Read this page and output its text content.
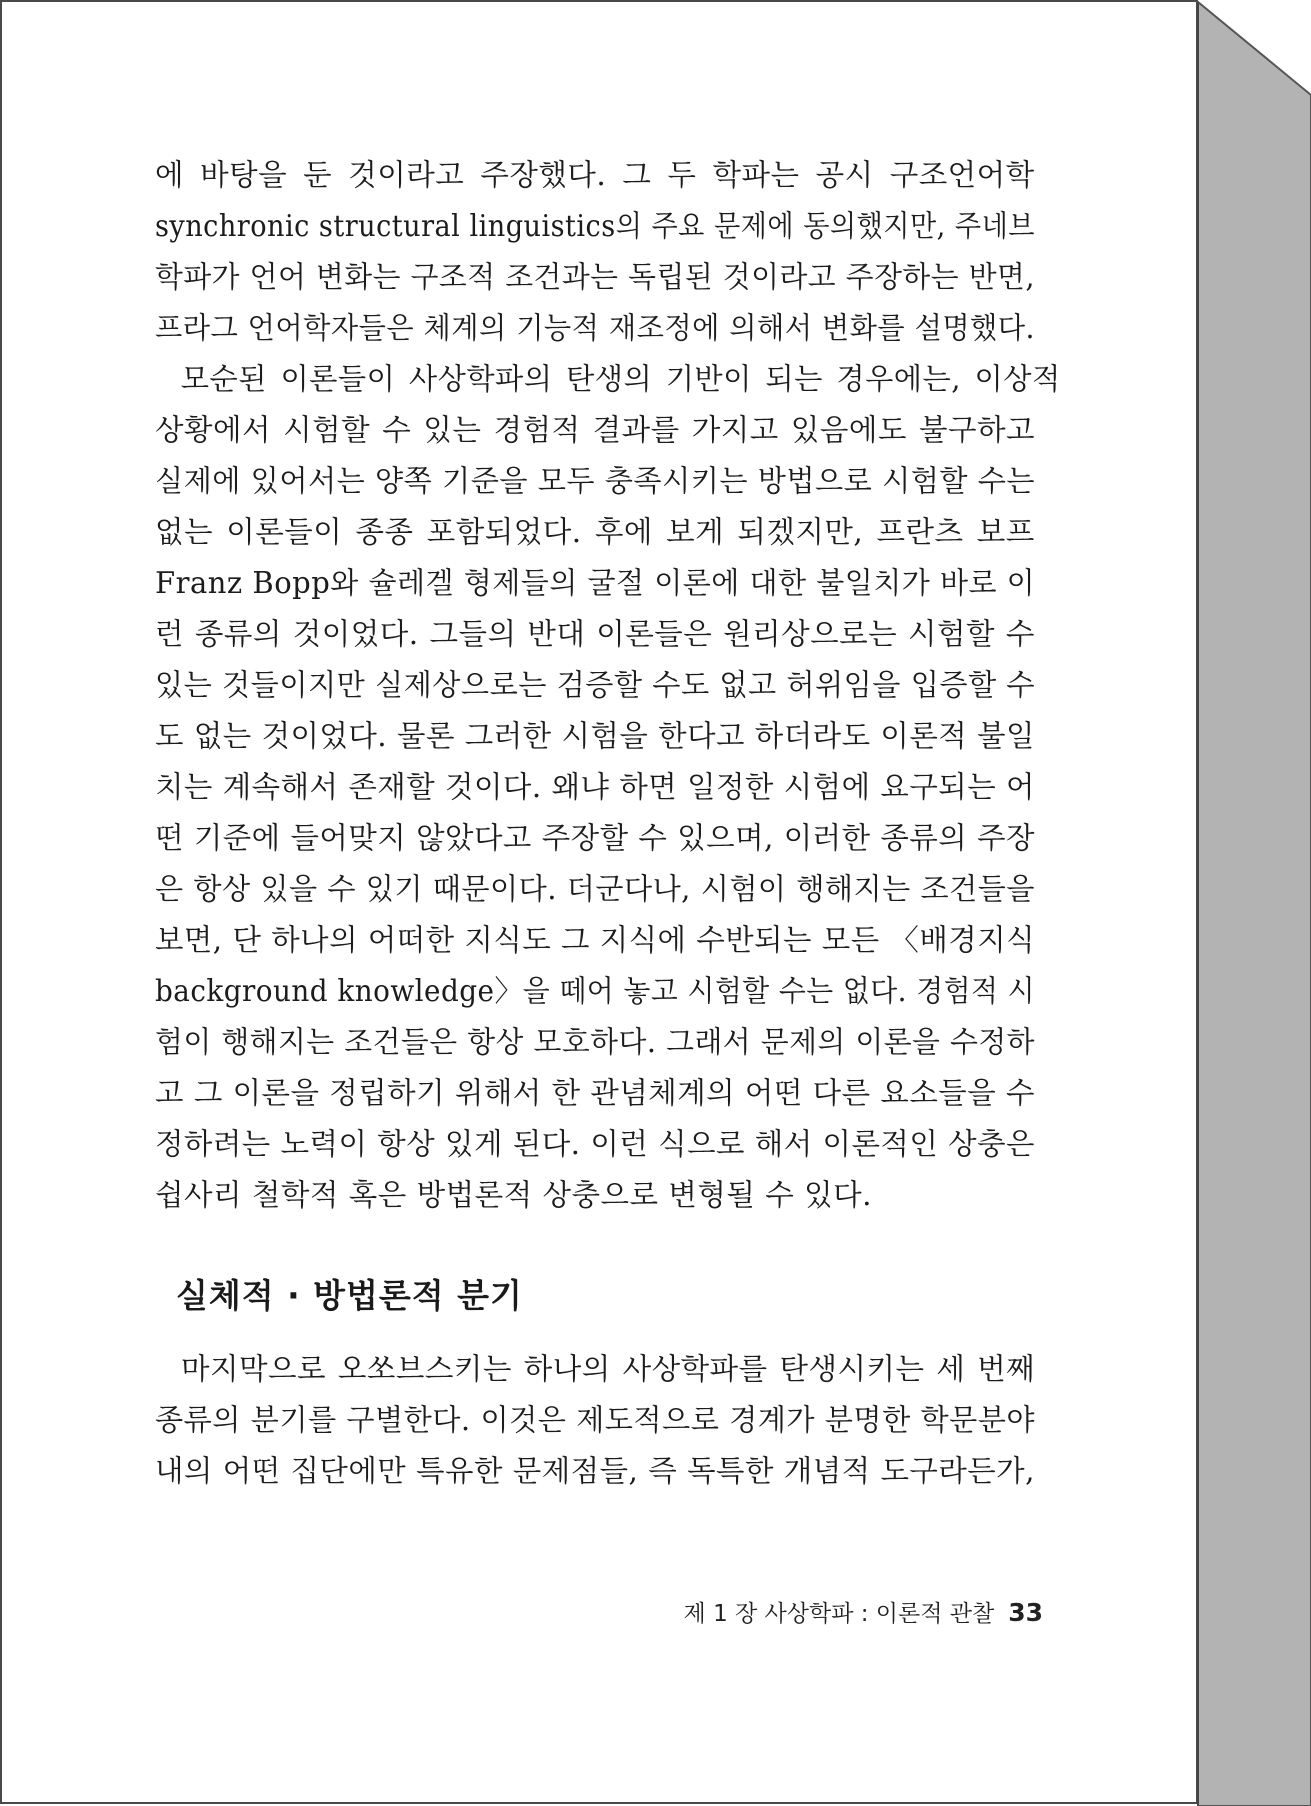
에 바탕을 둔 것이라고 주장했다. 그 두 학파는 공시 구조언어학
synchronic structural linguistics의 주요 문제에 동의했지만, 주네브
학파가 언어 변화는 구조적 조건과는 독립된 것이라고 주장하는 반면,
프라그 언어학자들은 체계의 기능적 재조정에 의해서 변화를 설명했다.
모순된 이론들이 사상학파의 탄생의 기반이 되는 경우에는, 이상적
상황에서 시험할 수 있는 경험적 결과를 가지고 있음에도 불구하고
실제에 있어서는 양쪽 기준을 모두 충족시키는 방법으로 시험할 수는
없는 이론들이 종종 포함되었다. 후에 보게 되겠지만, 프란츠 보프
Franz Bopp와 슐레겔 형제들의 굴절 이론에 대한 불일치가 바로 이
런 종류의 것이었다. 그들의 반대 이론들은 원리상으로는 시험할 수
있는 것들이지만 실제상으로는 검증할 수도 없고 허위임을 입증할 수
도 없는 것이었다. 물론 그러한 시험을 한다고 하더라도 이론적 불일
치는 계속해서 존재할 것이다. 왜냐 하면 일정한 시험에 요구되는 어
떤 기준에 들어맞지 않았다고 주장할 수 있으며, 이러한 종류의 주장
은 항상 있을 수 있기 때문이다. 더군다나, 시험이 행해지는 조건들을
보면, 단 하나의 어떠한 지식도 그 지식에 수반되는 모든 〈배경지식
background knowledge〉을 떼어 놓고 시험할 수는 없다. 경험적 시
험이 행해지는 조건들은 항상 모호하다. 그래서 문제의 이론을 수정하
고 그 이론을 정립하기 위해서 한 관념체계의 어떤 다른 요소들을 수
정하려는 노력이 항상 있게 된다. 이런 식으로 해서 이론적인 상충은
쉽사리 철학적 혹은 방법론적 상충으로 변형될 수 있다.
실체적 · 방법론적 분기
마지막으로 오쏘브스키는 하나의 사상학파를 탄생시키는 세 번째
종류의 분기를 구별한다. 이것은 제도적으로 경계가 분명한 학문분야
내의 어떤 집단에만 특유한 문제점들, 즉 독특한 개념적 도구라든가,
제 1 장 사상학파 : 이론적 관찰 33
